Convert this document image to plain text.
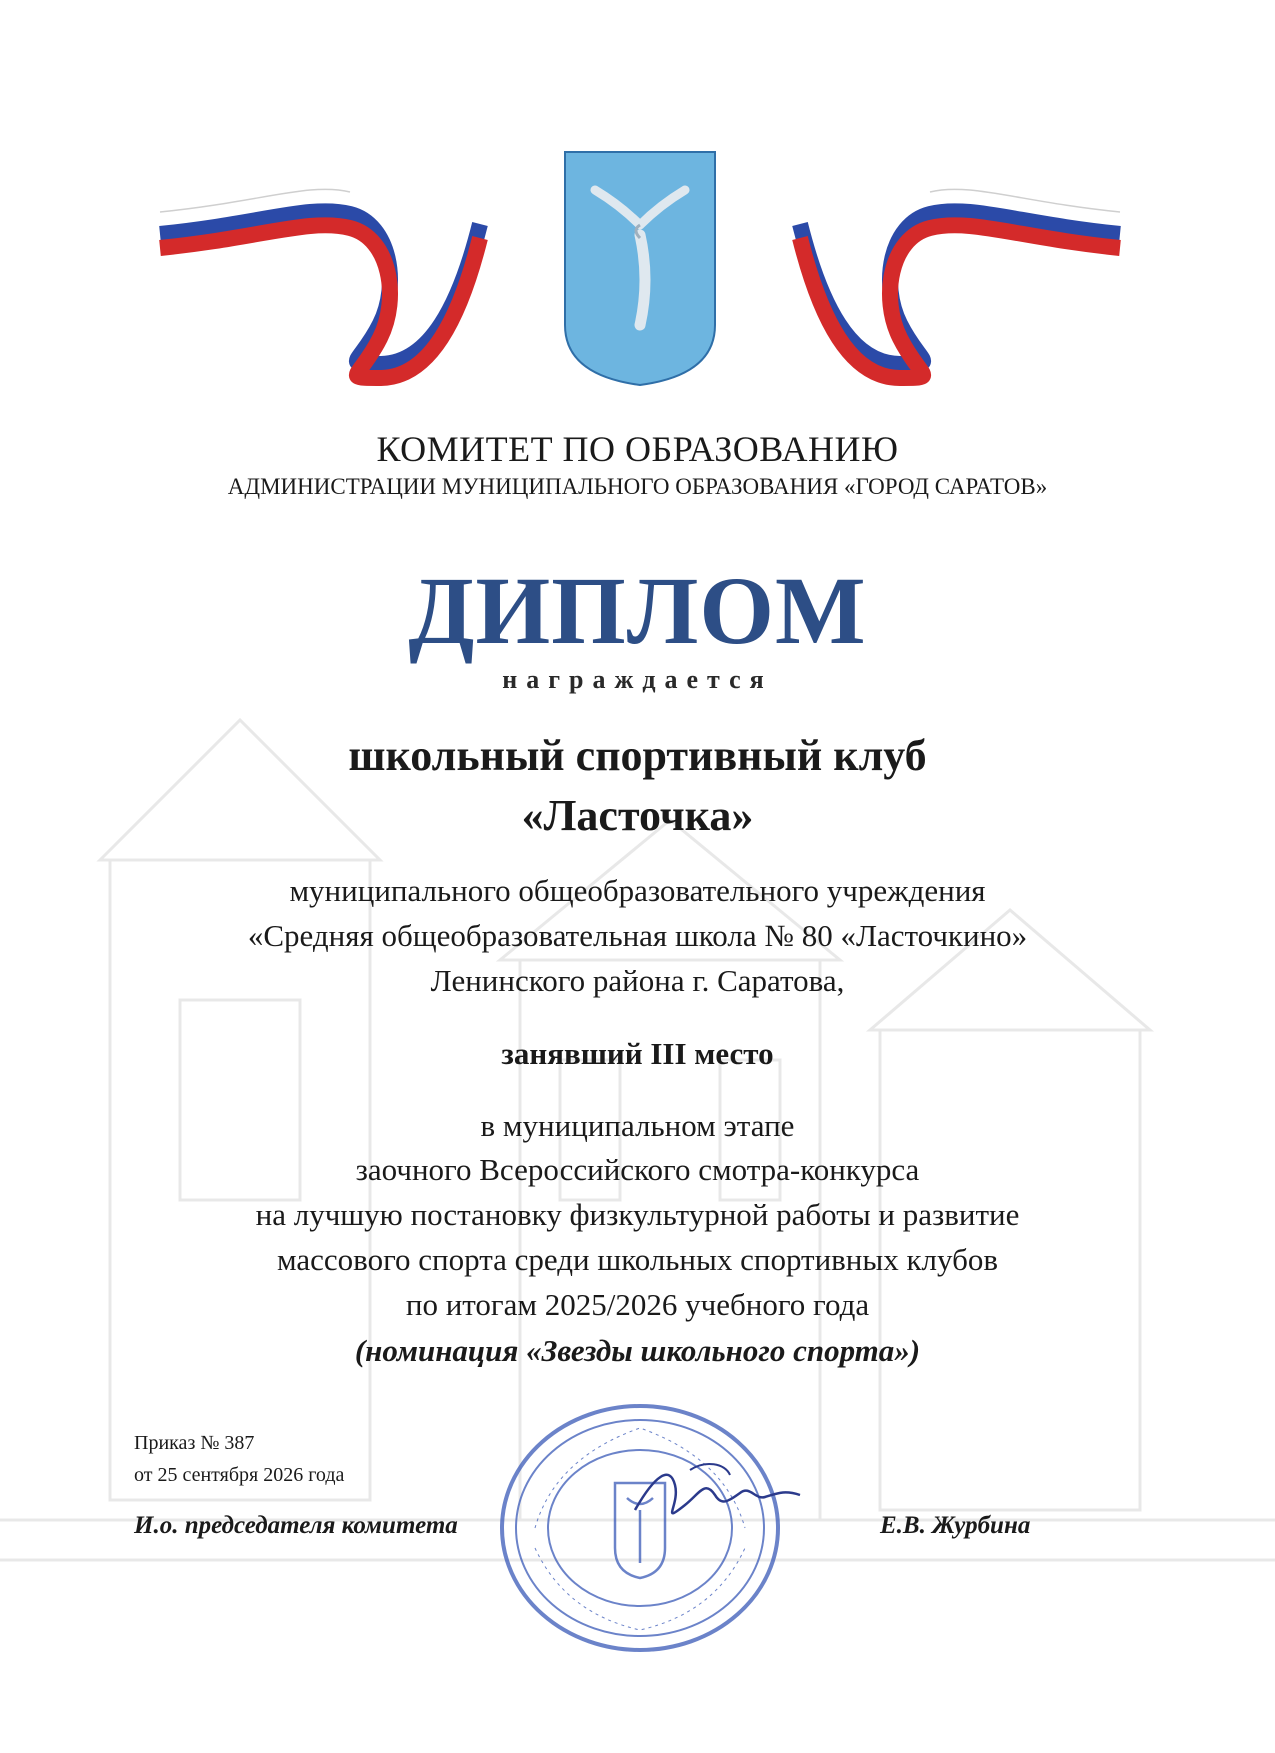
КОМИТЕТ ПО ОБРАЗОВАНИЮ
АДМИНИСТРАЦИИ МУНИЦИПАЛЬНОГО ОБРАЗОВАНИЯ «ГОРОД САРАТОВ»
ДИПЛОМ
награждается
школьный спортивный клуб
«Ласточка»
муниципального общеобразовательного учреждения
«Средняя общеобразовательная школа № 80 «Ласточкино»
Ленинского района г. Саратова,
занявший III место
в муниципальном этапе
заочного Всероссийского смотра-конкурса
на лучшую постановку физкультурной работы и развитие
массового спорта среди школьных спортивных клубов
по итогам 2025/2026 учебного года
(номинация «Звезды школьного спорта»)
Приказ № 387
от 25 сентября 2026 года
И.о. председателя комитета	Е.В. Журбина
